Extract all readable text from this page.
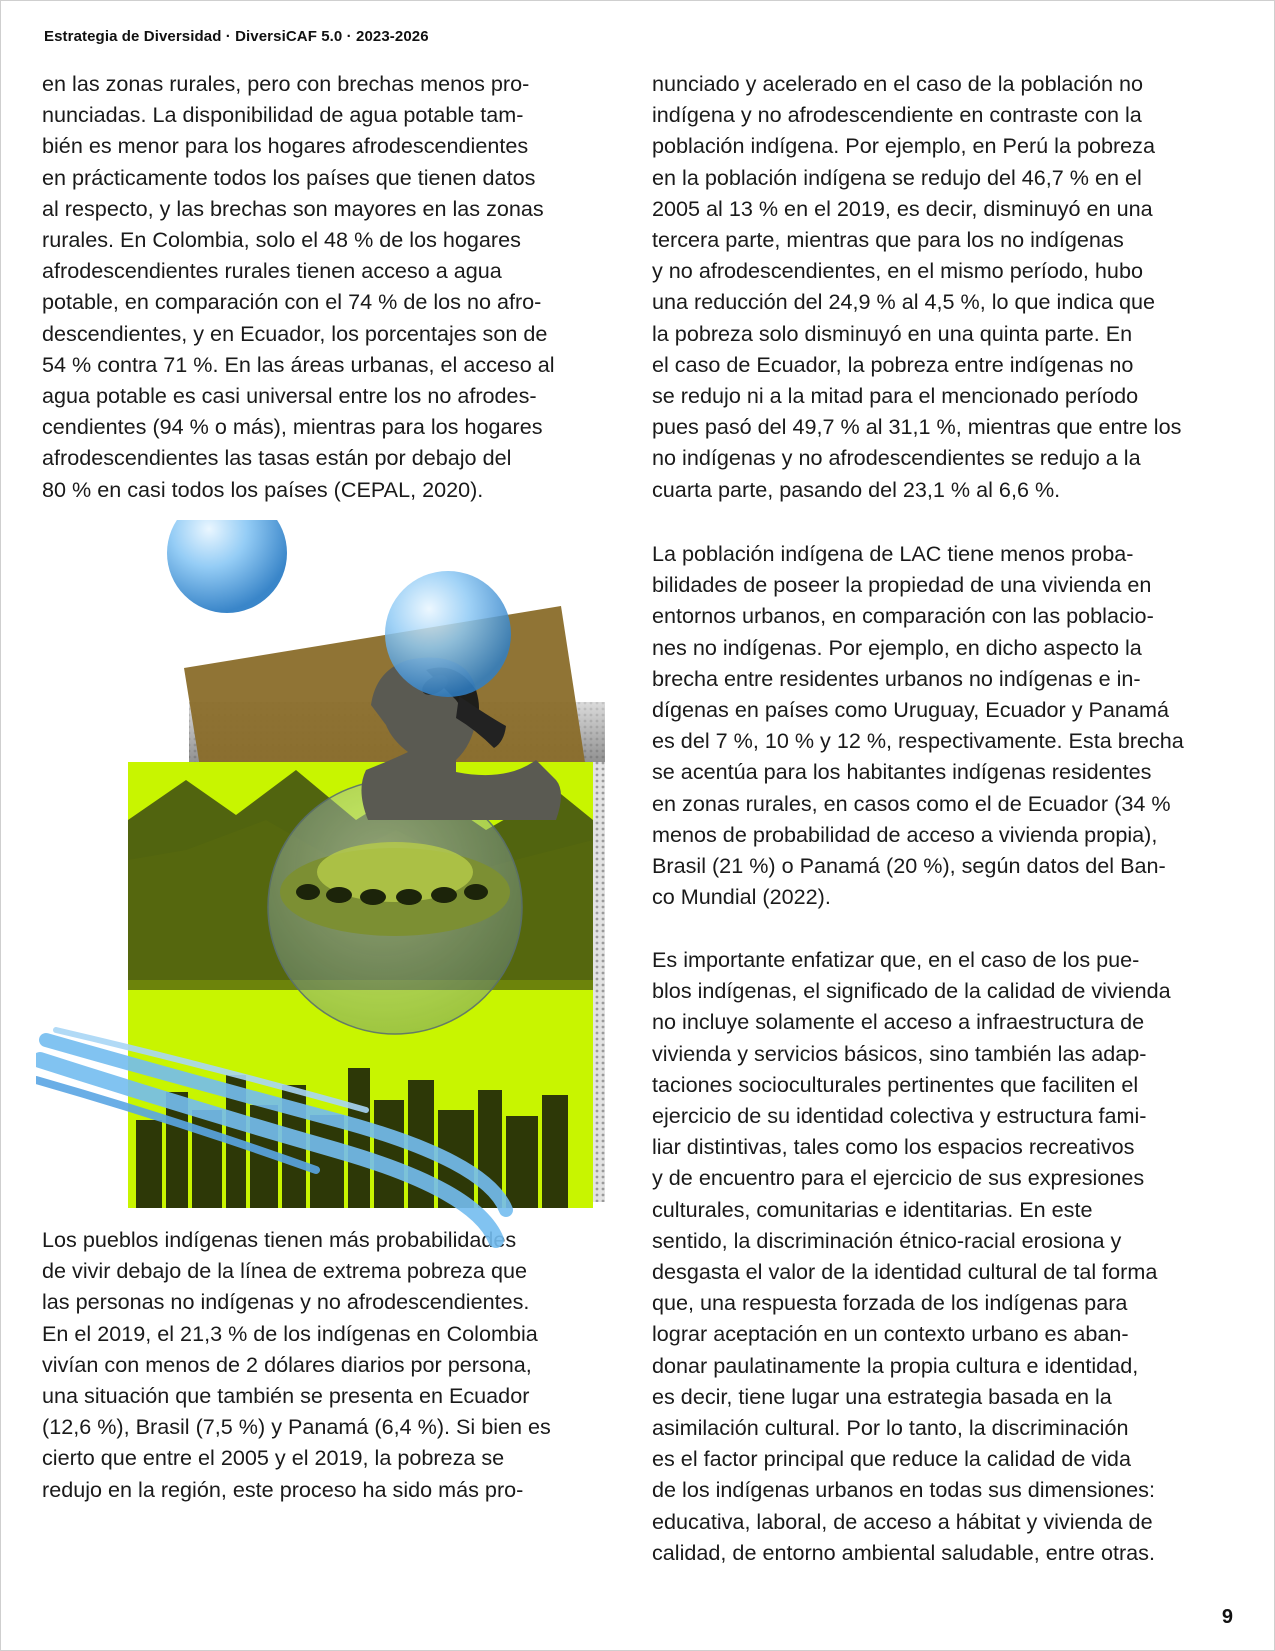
Estrategia de Diversidad · DiversiCAF 5.0 · 2023-2026

en las zonas rurales, pero con brechas menos pro-
nunciadas. La disponibilidad de agua potable tam-
bién es menor para los hogares afrodescendientes
en prácticamente todos los países que tienen datos
al respecto, y las brechas son mayores en las zonas
rurales. En Colombia, solo el 48 % de los hogares
afrodescendientes rurales tienen acceso a agua
potable, en comparación con el 74 % de los no afro-
descendientes, y en Ecuador, los porcentajes son de
54 % contra 71 %. En las áreas urbanas, el acceso al
agua potable es casi universal entre los no afrodes-
cendientes (94 % o más), mientras para los hogares
afrodescendientes las tasas están por debajo del
80 % en casi todos los países (CEPAL, 2020).
Los pueblos indígenas tienen más probabilidades
de vivir debajo de la línea de extrema pobreza que
las personas no indígenas y no afrodescendientes.
En el 2019, el 21,3 % de los indígenas en Colombia
vivían con menos de 2 dólares diarios por persona,
una situación que también se presenta en Ecuador
(12,6 %), Brasil (7,5 %) y Panamá (6,4 %). Si bien es
cierto que entre el 2005 y el 2019, la pobreza se
redujo en la región, este proceso ha sido más pro-
nunciado y acelerado en el caso de la población no
indígena y no afrodescendiente en contraste con la
población indígena. Por ejemplo, en Perú la pobreza
en la población indígena se redujo del 46,7 % en el
2005 al 13 % en el 2019, es decir, disminuyó en una
tercera parte, mientras que para los no indígenas
y no afrodescendientes, en el mismo período, hubo
una reducción del 24,9 % al 4,5 %, lo que indica que
la pobreza solo disminuyó en una quinta parte. En
el caso de Ecuador, la pobreza entre indígenas no
se redujo ni a la mitad para el mencionado período
pues pasó del 49,7 % al 31,1 %, mientras que entre los
no indígenas y no afrodescendientes se redujo a la
cuarta parte, pasando del 23,1 % al 6,6 %.
La población indígena de LAC tiene menos proba-
bilidades de poseer la propiedad de una vivienda en
entornos urbanos, en comparación con las poblacio-
nes no indígenas. Por ejemplo, en dicho aspecto la
brecha entre residentes urbanos no indígenas e in-
dígenas en países como Uruguay, Ecuador y Panamá
es del 7 %, 10 % y 12 %, respectivamente. Esta brecha
se acentúa para los habitantes indígenas residentes
en zonas rurales, en casos como el de Ecuador (34 %
menos de probabilidad de acceso a vivienda propia),
Brasil (21 %) o Panamá (20 %), según datos del Ban-
co Mundial (2022).
Es importante enfatizar que, en el caso de los pue-
blos indígenas, el significado de la calidad de vivienda
no incluye solamente el acceso a infraestructura de
vivienda y servicios básicos, sino también las adap-
taciones socioculturales pertinentes que faciliten el
ejercicio de su identidad colectiva y estructura fami-
liar distintivas, tales como los espacios recreativos
y de encuentro para el ejercicio de sus expresiones
culturales, comunitarias e identitarias. En este
sentido, la discriminación étnico-racial erosiona y
desgasta el valor de la identidad cultural de tal forma
que, una respuesta forzada de los indígenas para
lograr aceptación en un contexto urbano es aban-
donar paulatinamente la propia cultura e identidad,
es decir, tiene lugar una estrategia basada en la
asimilación cultural. Por lo tanto, la discriminación
es el factor principal que reduce la calidad de vida
de los indígenas urbanos en todas sus dimensiones:
educativa, laboral, de acceso a hábitat y vivienda de
calidad, de entorno ambiental saludable, entre otras.
9
